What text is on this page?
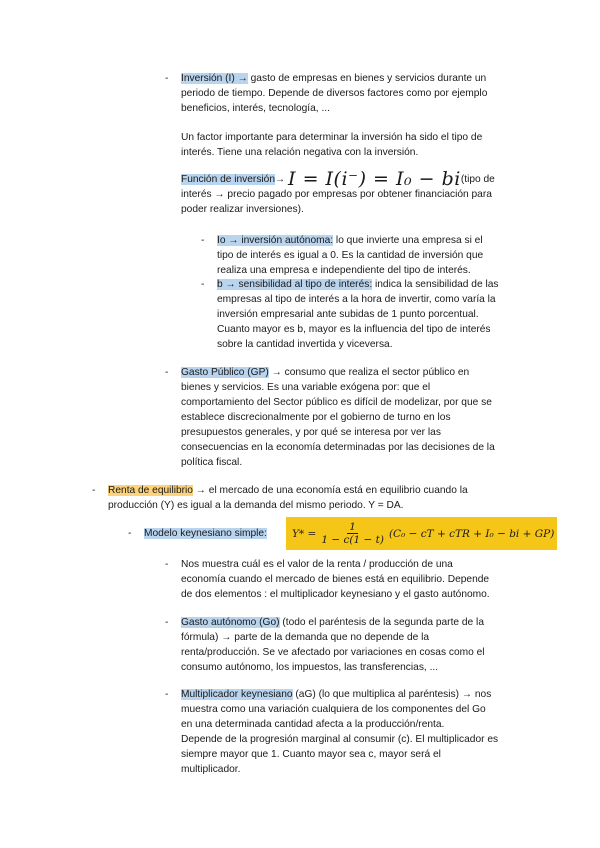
- Inversión (I) → gasto de empresas en bienes y servicios durante un
periodo de tiempo. Depende de diversos factores como por ejemplo
beneficios, interés, tecnología, ...
Un factor importante para determinar la inversión ha sido el tipo de
interés. Tiene una relación negativa con la inversión.
Función de inversión→ I = I(i⁻) = I₀ − bi(tipo de
interés → precio pagado por empresas por obtener financiación para
poder realizar inversiones).
- Io → inversión autónoma: lo que invierte una empresa si el
tipo de interés es igual a 0. Es la cantidad de inversión que
realiza una empresa e independiente del tipo de interés.
- b → sensibilidad al tipo de interés: indica la sensibilidad de las
empresas al tipo de interés a la hora de invertir, como varía la
inversión empresarial ante subidas de 1 punto porcentual.
Cuanto mayor es b, mayor es la influencia del tipo de interés
sobre la cantidad invertida y viceversa.
- Gasto Público (GP) → consumo que realiza el sector público en
bienes y servicios. Es una variable exógena por: que el
comportamiento del Sector público es difícil de modelizar, por que se
establece discrecionalmente por el gobierno de turno en los
presupuestos generales, y por qué se interesa por ver las
consecuencias en la economía determinadas por las decisiones de la
política fiscal.
- Renta de equilibrio → el mercado de una economía está en equilibrio cuando la
producción (Y) es igual a la demanda del mismo periodo. Y = DA.
- Modelo keynesiano simple: $Y* = \frac{1}{1 - c(1 - t)} (C_0$ − cT + cTR + I₀ − bi + GP)
- Nos muestra cuál es el valor de la renta / producción de una
economía cuando el mercado de bienes está en equilibrio. Depende
de dos elementos : el multiplicador keynesiano y el gasto autónomo.
- Gasto autónomo (Go) (todo el paréntesis de la segunda parte de la
fórmula) → parte de la demanda que no depende de la
renta/producción. Se ve afectado por variaciones en cosas como el
consumo autónomo, los impuestos, las transferencias, ...
- Multiplicador keynesiano (aG) (lo que multiplica al paréntesis) → nos
muestra como una variación cualquiera de los componentes del Go
en una determinada cantidad afecta a la producción/renta.
Depende de la progresión marginal al consumir (c). El multiplicador es
siempre mayor que 1. Cuanto mayor sea c, mayor será el
multiplicador.
